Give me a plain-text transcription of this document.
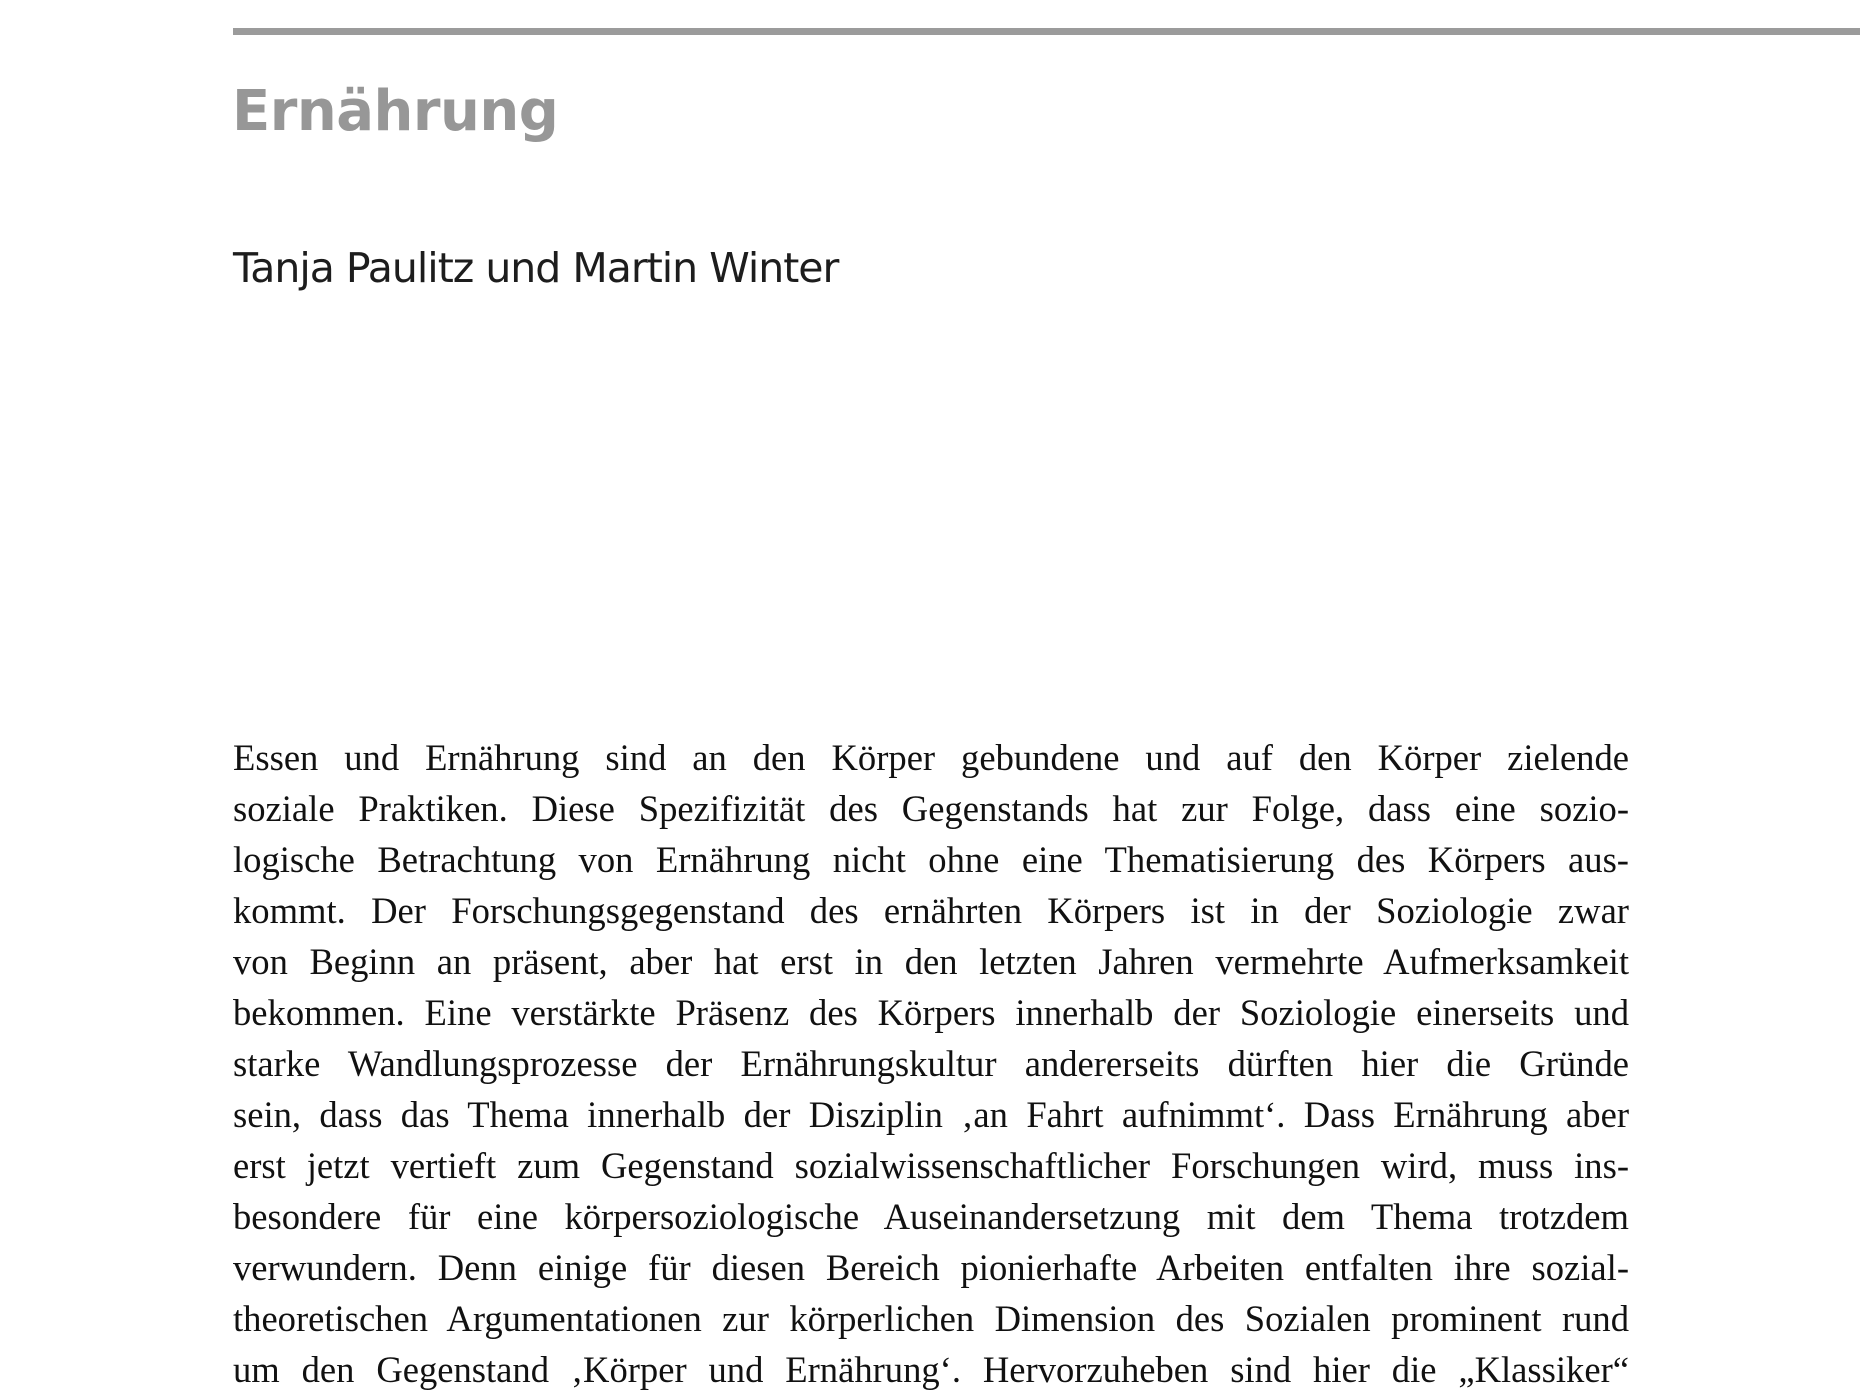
Ernährung

Tanja Paulitz und Martin Winter

Essen und Ernährung sind an den Körper gebundene und auf den Körper zielende
soziale Praktiken. Diese Spezifizität des Gegenstands hat zur Folge, dass eine sozio-
logische Betrachtung von Ernährung nicht ohne eine Thematisierung des Körpers aus-
kommt. Der Forschungsgegenstand des ernährten Körpers ist in der Soziologie zwar
von Beginn an präsent, aber hat erst in den letzten Jahren vermehrte Aufmerksamkeit
bekommen. Eine verstärkte Präsenz des Körpers innerhalb der Soziologie einerseits und
starke Wandlungsprozesse der Ernährungskultur andererseits dürften hier die Gründe
sein, dass das Thema innerhalb der Disziplin ‚an Fahrt aufnimmt‘. Dass Ernährung aber
erst jetzt vertieft zum Gegenstand sozialwissenschaftlicher Forschungen wird, muss ins-
besondere für eine körpersoziologische Auseinandersetzung mit dem Thema trotzdem
verwundern. Denn einige für diesen Bereich pionierhafte Arbeiten entfalten ihre sozial-
theoretischen Argumentationen zur körperlichen Dimension des Sozialen prominent rund
um den Gegenstand ‚Körper und Ernährung‘. Hervorzuheben sind hier die „Klassiker“
